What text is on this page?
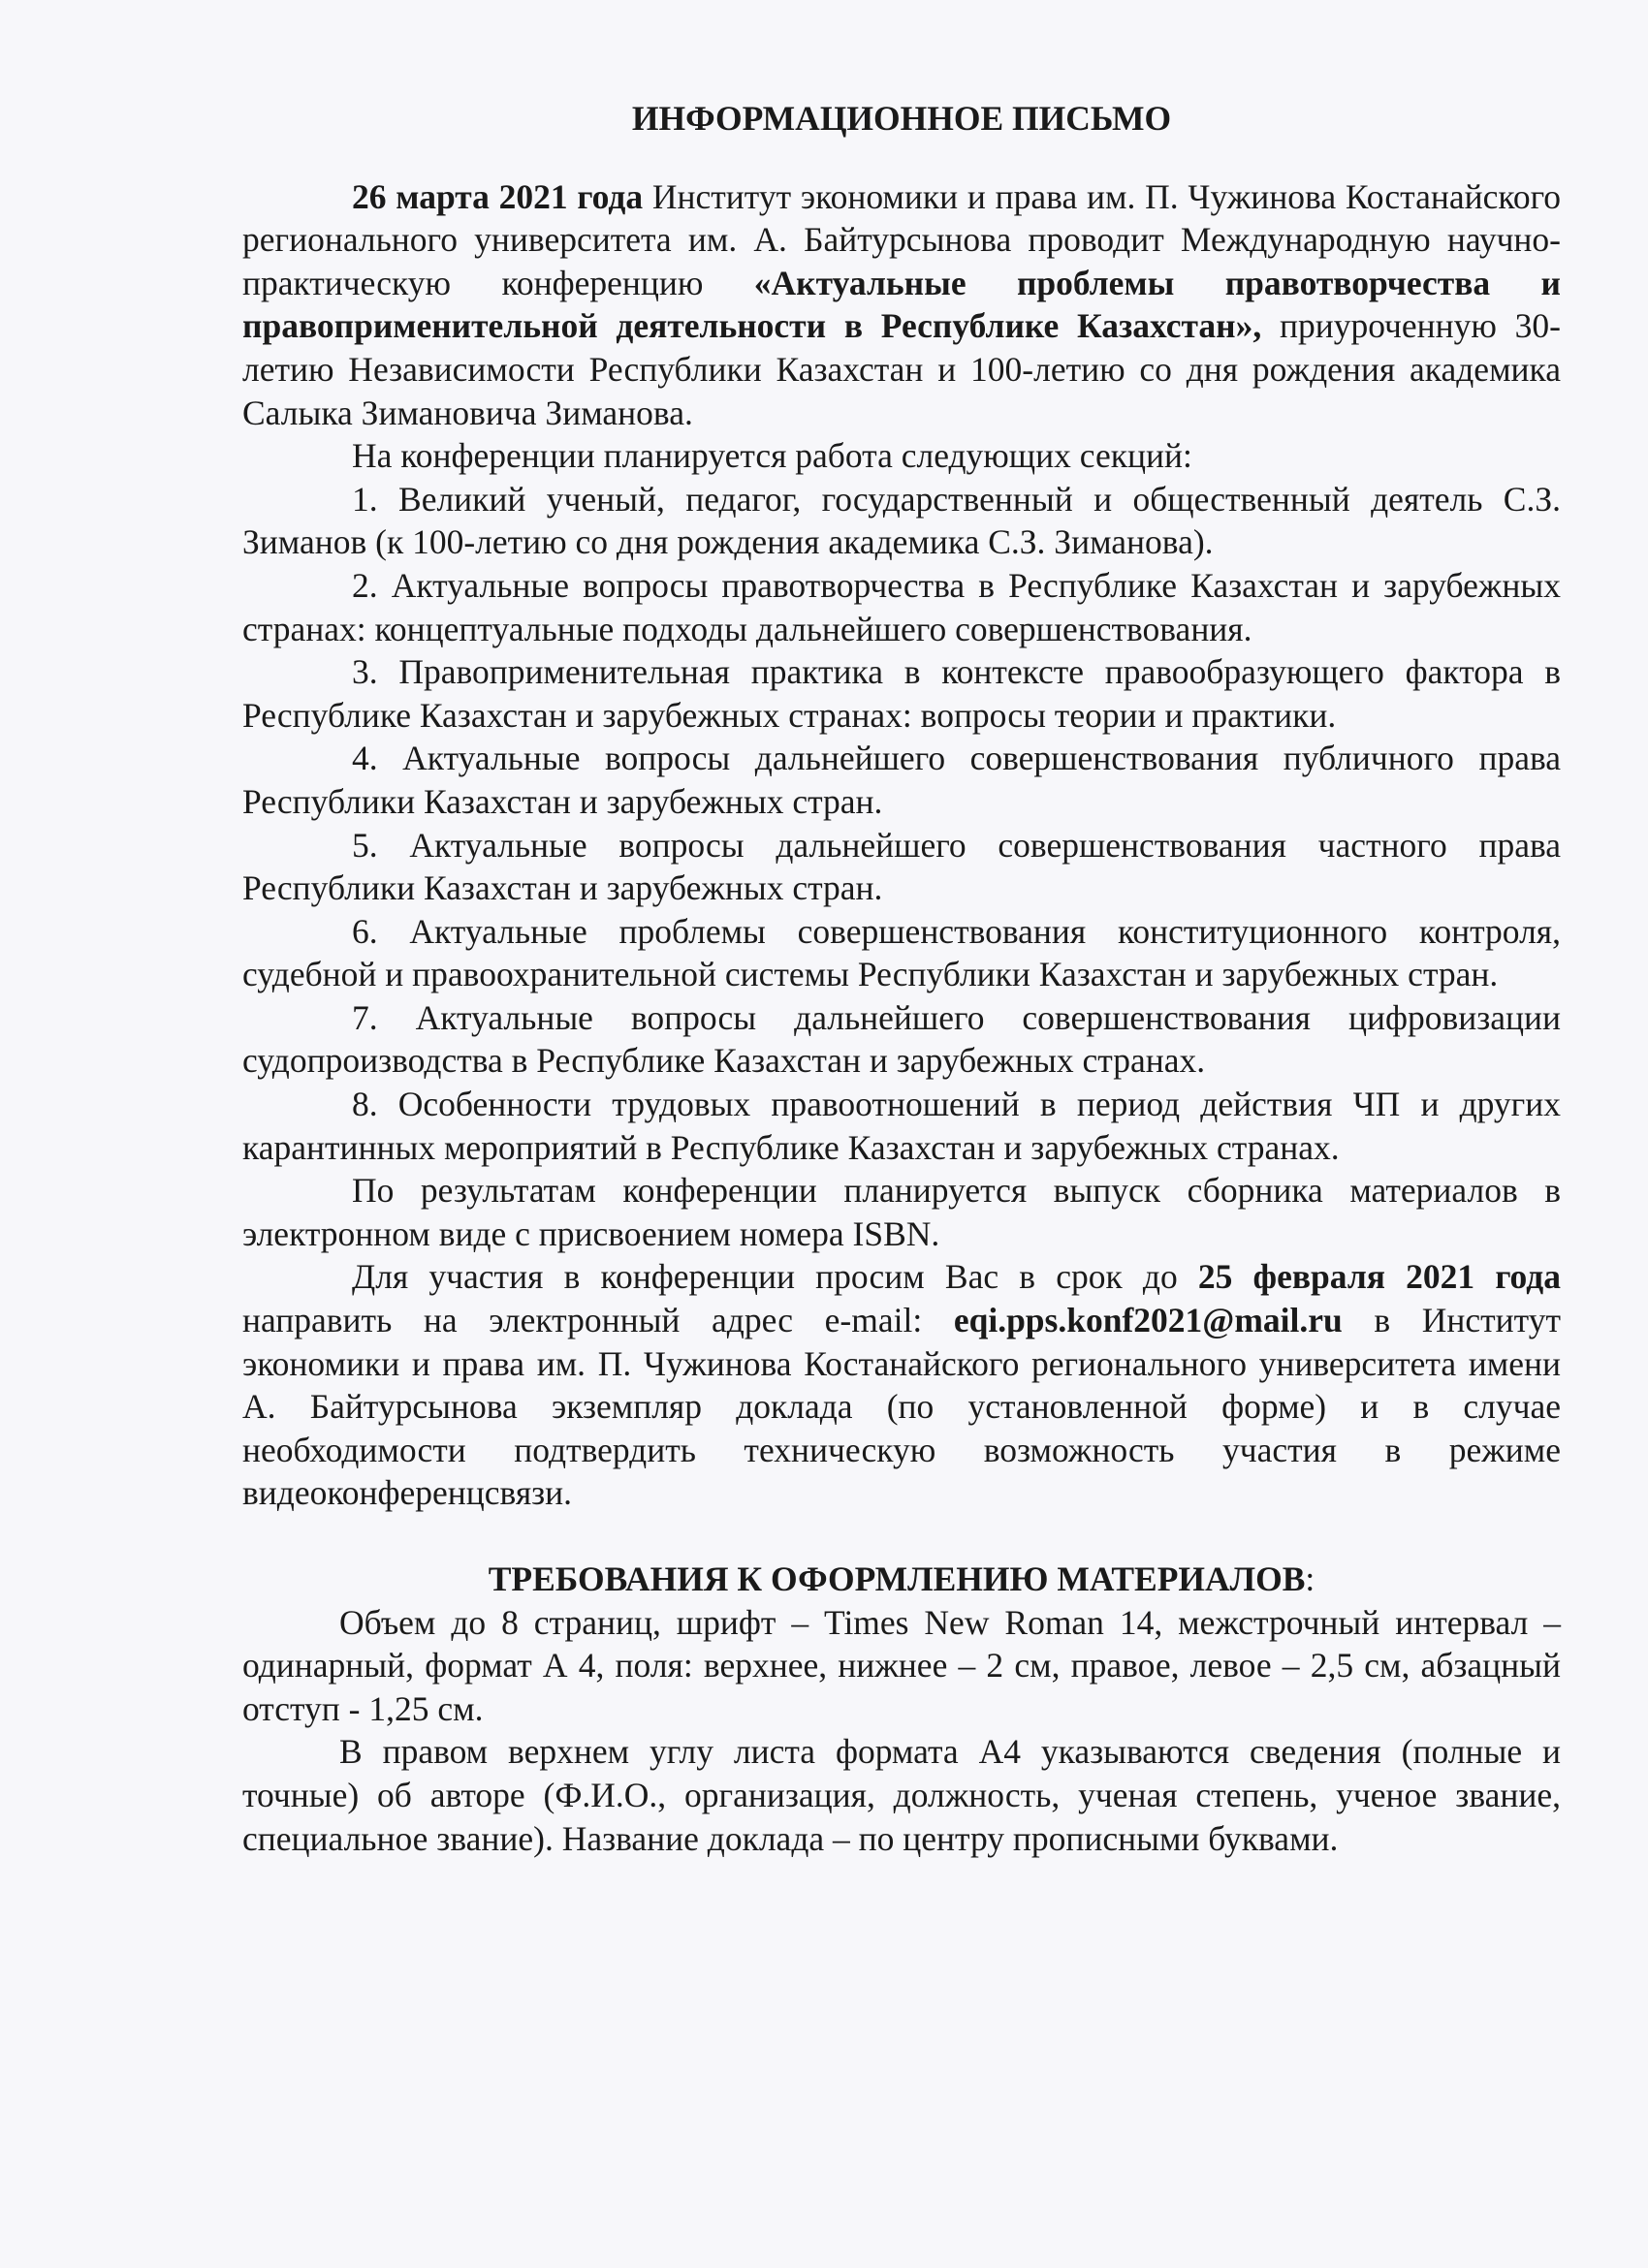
ИНФОРМАЦИОННОЕ ПИСЬМО

26 марта 2021 года Институт экономики и права им. П. Чужинова Костанайского регионального университета им. А. Байтурсынова проводит Международную научно-практическую конференцию «Актуальные проблемы правотворчества и правоприменительной деятельности в Республике Казахстан», приуроченную 30-летию Независимости Республики Казахстан и 100-летию со дня рождения академика Салыка Зимановича Зиманова.

На конференции планируется работа следующих секций:

1. Великий ученый, педагог, государственный и общественный деятель С.З. Зиманов (к 100-летию со дня рождения академика С.З. Зиманова).

2. Актуальные вопросы правотворчества в Республике Казахстан и зарубежных странах: концептуальные подходы дальнейшего совершенствования.

3. Правоприменительная практика в контексте правообразующего фактора в Республике Казахстан и зарубежных странах: вопросы теории и практики.

4. Актуальные вопросы дальнейшего совершенствования публичного права Республики Казахстан и зарубежных стран.

5. Актуальные вопросы дальнейшего совершенствования частного права Республики Казахстан и зарубежных стран.

6. Актуальные проблемы совершенствования конституционного контроля, судебной и правоохранительной системы Республики Казахстан и зарубежных стран.

7. Актуальные вопросы дальнейшего совершенствования цифровизации судопроизводства в Республике Казахстан и зарубежных странах.

8. Особенности трудовых правоотношений в период действия ЧП и других карантинных мероприятий в Республике Казахстан и зарубежных странах.

По результатам конференции планируется выпуск сборника материалов в электронном виде с присвоением номера ISBN.

Для участия в конференции просим Вас в срок до 25 февраля 2021 года направить на электронный адрес e-mail: eqi.pps.konf2021@mail.ru в Институт экономики и права им. П. Чужинова Костанайского регионального университета имени А. Байтурсынова экземпляр доклада (по установленной форме) и в случае необходимости подтвердить техническую возможность участия в режиме видеоконференцсвязи.

ТРЕБОВАНИЯ К ОФОРМЛЕНИЮ МАТЕРИАЛОВ:

Объем до 8 страниц, шрифт – Times New Roman 14, межстрочный интервал – одинарный, формат А 4, поля: верхнее, нижнее – 2 см, правое, левое – 2,5 см, абзацный отступ - 1,25 см.

В правом верхнем углу листа формата А4 указываются сведения (полные и точные) об авторе (Ф.И.О., организация, должность, ученая степень, ученое звание, специальное звание). Название доклада – по центру прописными буквами.
